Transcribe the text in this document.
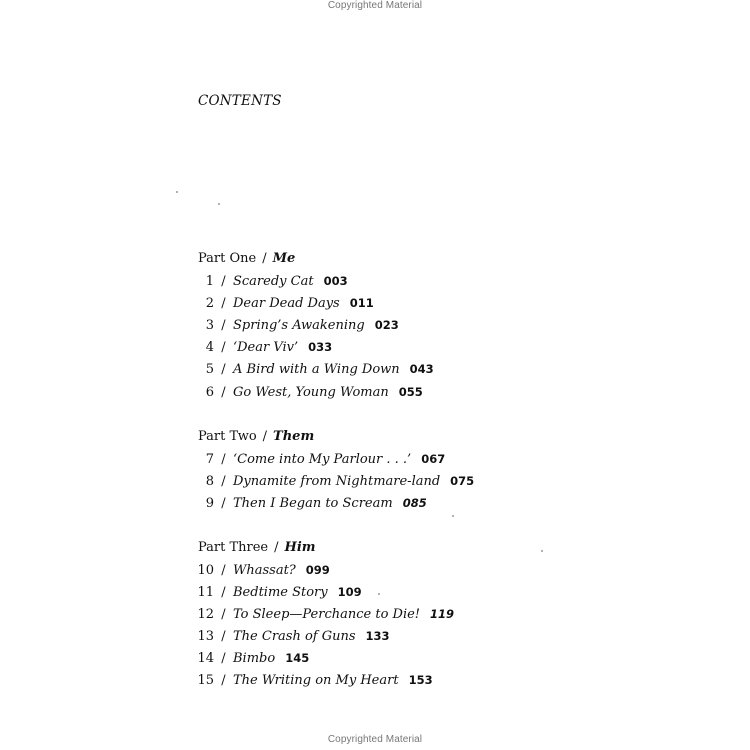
Copyrighted Material
CONTENTS
Part One / Me
1 / Scaredy Cat 003
2 / Dear Dead Days 011
3 / Spring’s Awakening 023
4 / ‘Dear Viv’ 033
5 / A Bird with a Wing Down 043
6 / Go West, Young Woman 055
Part Two / Them
7 / ‘Come into My Parlour . . .’ 067
8 / Dynamite from Nightmare-land 075
9 / Then I Began to Scream 085
Part Three / Him
10 / Whassat? 099
11 / Bedtime Story 109
12 / To Sleep—Perchance to Die! 119
13 / The Crash of Guns 133
14 / Bimbo 145
15 / The Writing on My Heart 153
Copyrighted Material
